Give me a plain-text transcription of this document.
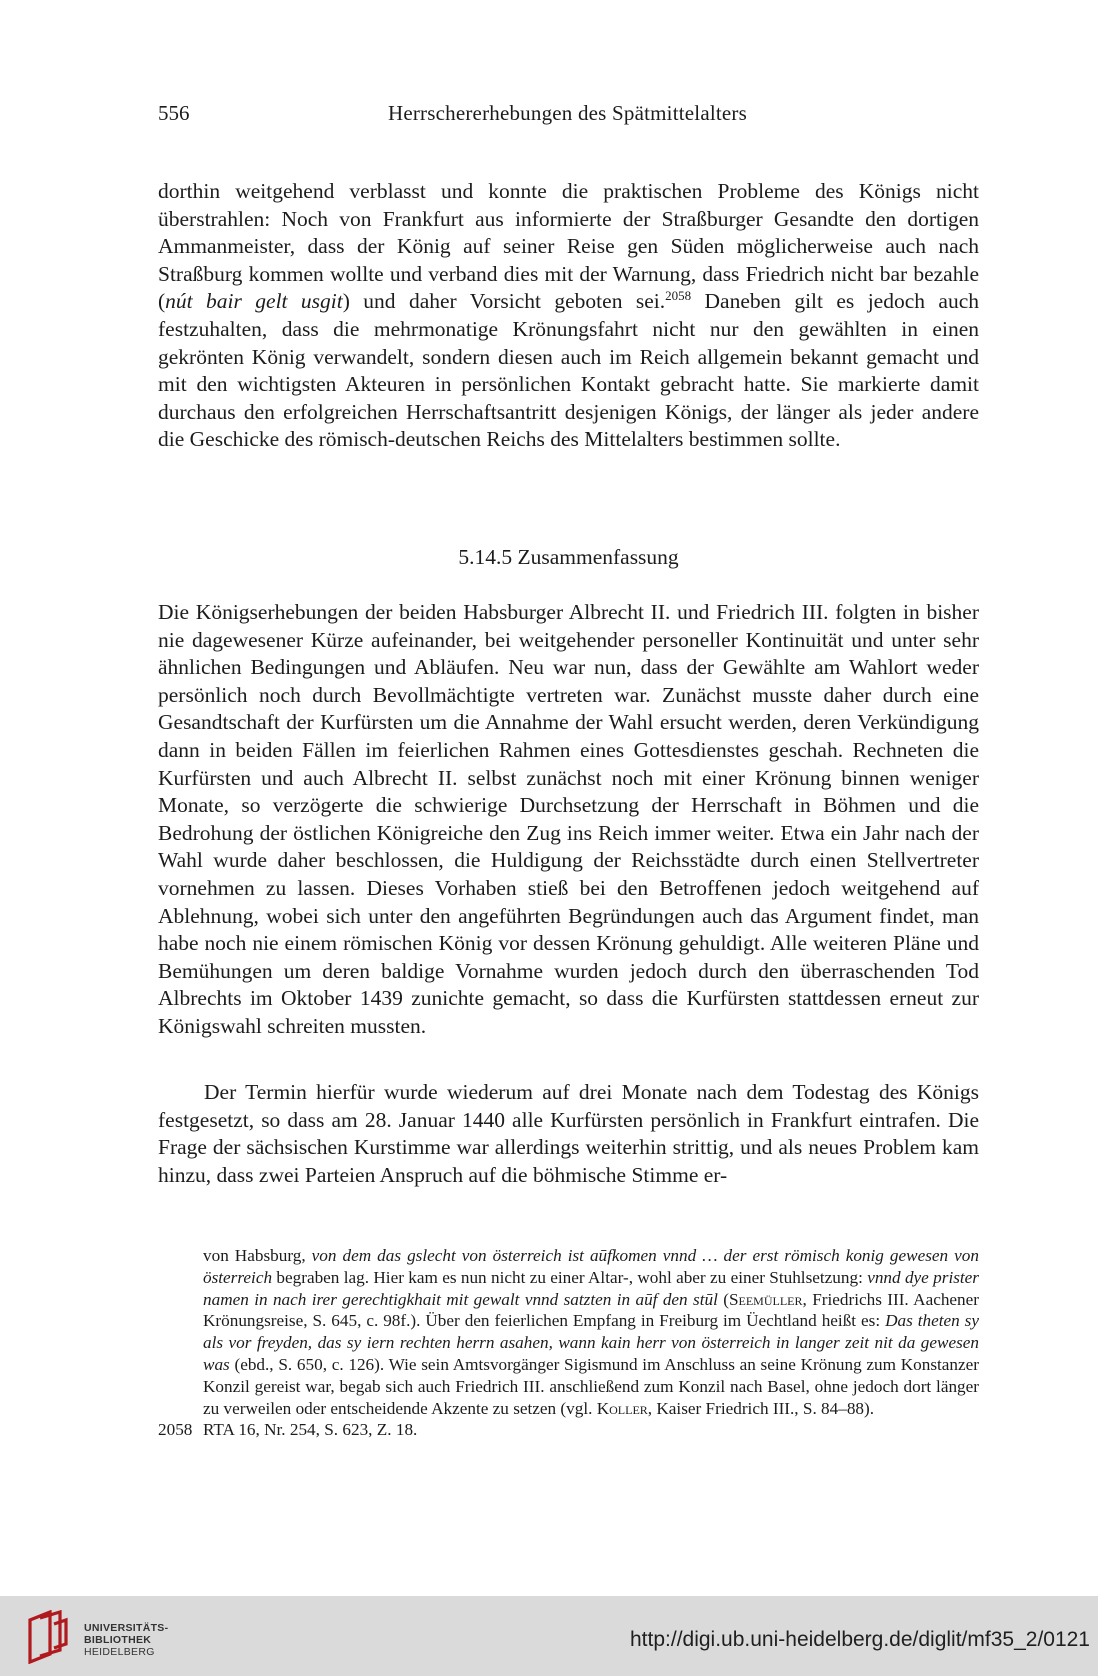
556	Herrschererhebungen des Spätmittelalters

dorthin weitgehend verblasst und konnte die praktischen Probleme des Königs nicht überstrahlen: Noch von Frankfurt aus informierte der Straßburger Gesandte den dortigen Ammanmeister, dass der König auf seiner Reise gen Süden möglicherweise auch nach Straßburg kommen wollte und verband dies mit der Warnung, dass Friedrich nicht bar bezahle (nút bair gelt usgit) und daher Vorsicht geboten sei.$^{2058}$ Daneben gilt es jedoch auch festzuhalten, dass die mehrmonatige Krönungsfahrt nicht nur den gewählten in einen gekrönten König verwandelt, sondern diesen auch im Reich allgemein bekannt gemacht und mit den wichtigsten Akteuren in persönlichen Kontakt gebracht hatte. Sie markierte damit durchaus den erfolgreichen Herrschaftsantritt desjenigen Königs, der länger als jeder andere die Geschicke des römisch-deutschen Reichs des Mittelalters bestimmen sollte.

5.14.5 Zusammenfassung

Die Königserhebungen der beiden Habsburger Albrecht II. und Friedrich III. folgten in bisher nie dagewesener Kürze aufeinander, bei weitgehender personeller Kontinuität und unter sehr ähnlichen Bedingungen und Abläufen. Neu war nun, dass der Gewählte am Wahlort weder persönlich noch durch Bevollmächtigte vertreten war. Zunächst musste daher durch eine Gesandtschaft der Kurfürsten um die Annahme der Wahl ersucht werden, deren Verkündigung dann in beiden Fällen im feierlichen Rahmen eines Gottesdienstes geschah. Rechneten die Kurfürsten und auch Albrecht II. selbst zunächst noch mit einer Krönung binnen weniger Monate, so verzögerte die schwierige Durchsetzung der Herrschaft in Böhmen und die Bedrohung der östlichen Königreiche den Zug ins Reich immer weiter. Etwa ein Jahr nach der Wahl wurde daher beschlossen, die Huldigung der Reichsstädte durch einen Stellvertreter vornehmen zu lassen. Dieses Vorhaben stieß bei den Betroffenen jedoch weitgehend auf Ablehnung, wobei sich unter den angeführten Begründungen auch das Argument findet, man habe noch nie einem römischen König vor dessen Krönung gehuldigt. Alle weiteren Pläne und Bemühungen um deren baldige Vornahme wurden jedoch durch den überraschenden Tod Albrechts im Oktober 1439 zunichte gemacht, so dass die Kurfürsten stattdessen erneut zur Königswahl schreiten mussten.

Der Termin hierfür wurde wiederum auf drei Monate nach dem Todestag des Königs festgesetzt, so dass am 28. Januar 1440 alle Kurfürsten persönlich in Frankfurt eintrafen. Die Frage der sächsischen Kurstimme war allerdings weiterhin strittig, und als neues Problem kam hinzu, dass zwei Parteien Anspruch auf die böhmische Stimme er-

von Habsburg, von dem das gslecht von österreich ist aūfkomen vnnd … der erst römisch konig gewesen von österreich begraben lag. Hier kam es nun nicht zu einer Altar-, wohl aber zu einer Stuhlsetzung: vnnd dye prister namen in nach irer gerechtigkhait mit gewalt vnnd satzten in aūf den stūl (Seemüller, Friedrichs III. Aachener Krönungsreise, S. 645, c. 98f.). Über den feierlichen Empfang in Freiburg im Üechtland heißt es: Das theten sy als vor freyden, das sy iern rechten herrn asahen, wann kain herr von österreich in langer zeit nit da gewesen was (ebd., S. 650, c. 126). Wie sein Amtsvorgänger Sigismund im Anschluss an seine Krönung zum Konstanzer Konzil gereist war, begab sich auch Friedrich III. anschließend zum Konzil nach Basel, ohne jedoch dort länger zu verweilen oder entscheidende Akzente zu setzen (vgl. Koller, Kaiser Friedrich III., S. 84–88).

2058 RTA 16, Nr. 254, S. 623, Z. 18.

UNIVERSITÄTS-
BIBLIOTHEK
HEIDELBERG
http://digi.ub.uni-heidelberg.de/diglit/mf35_2/0121
